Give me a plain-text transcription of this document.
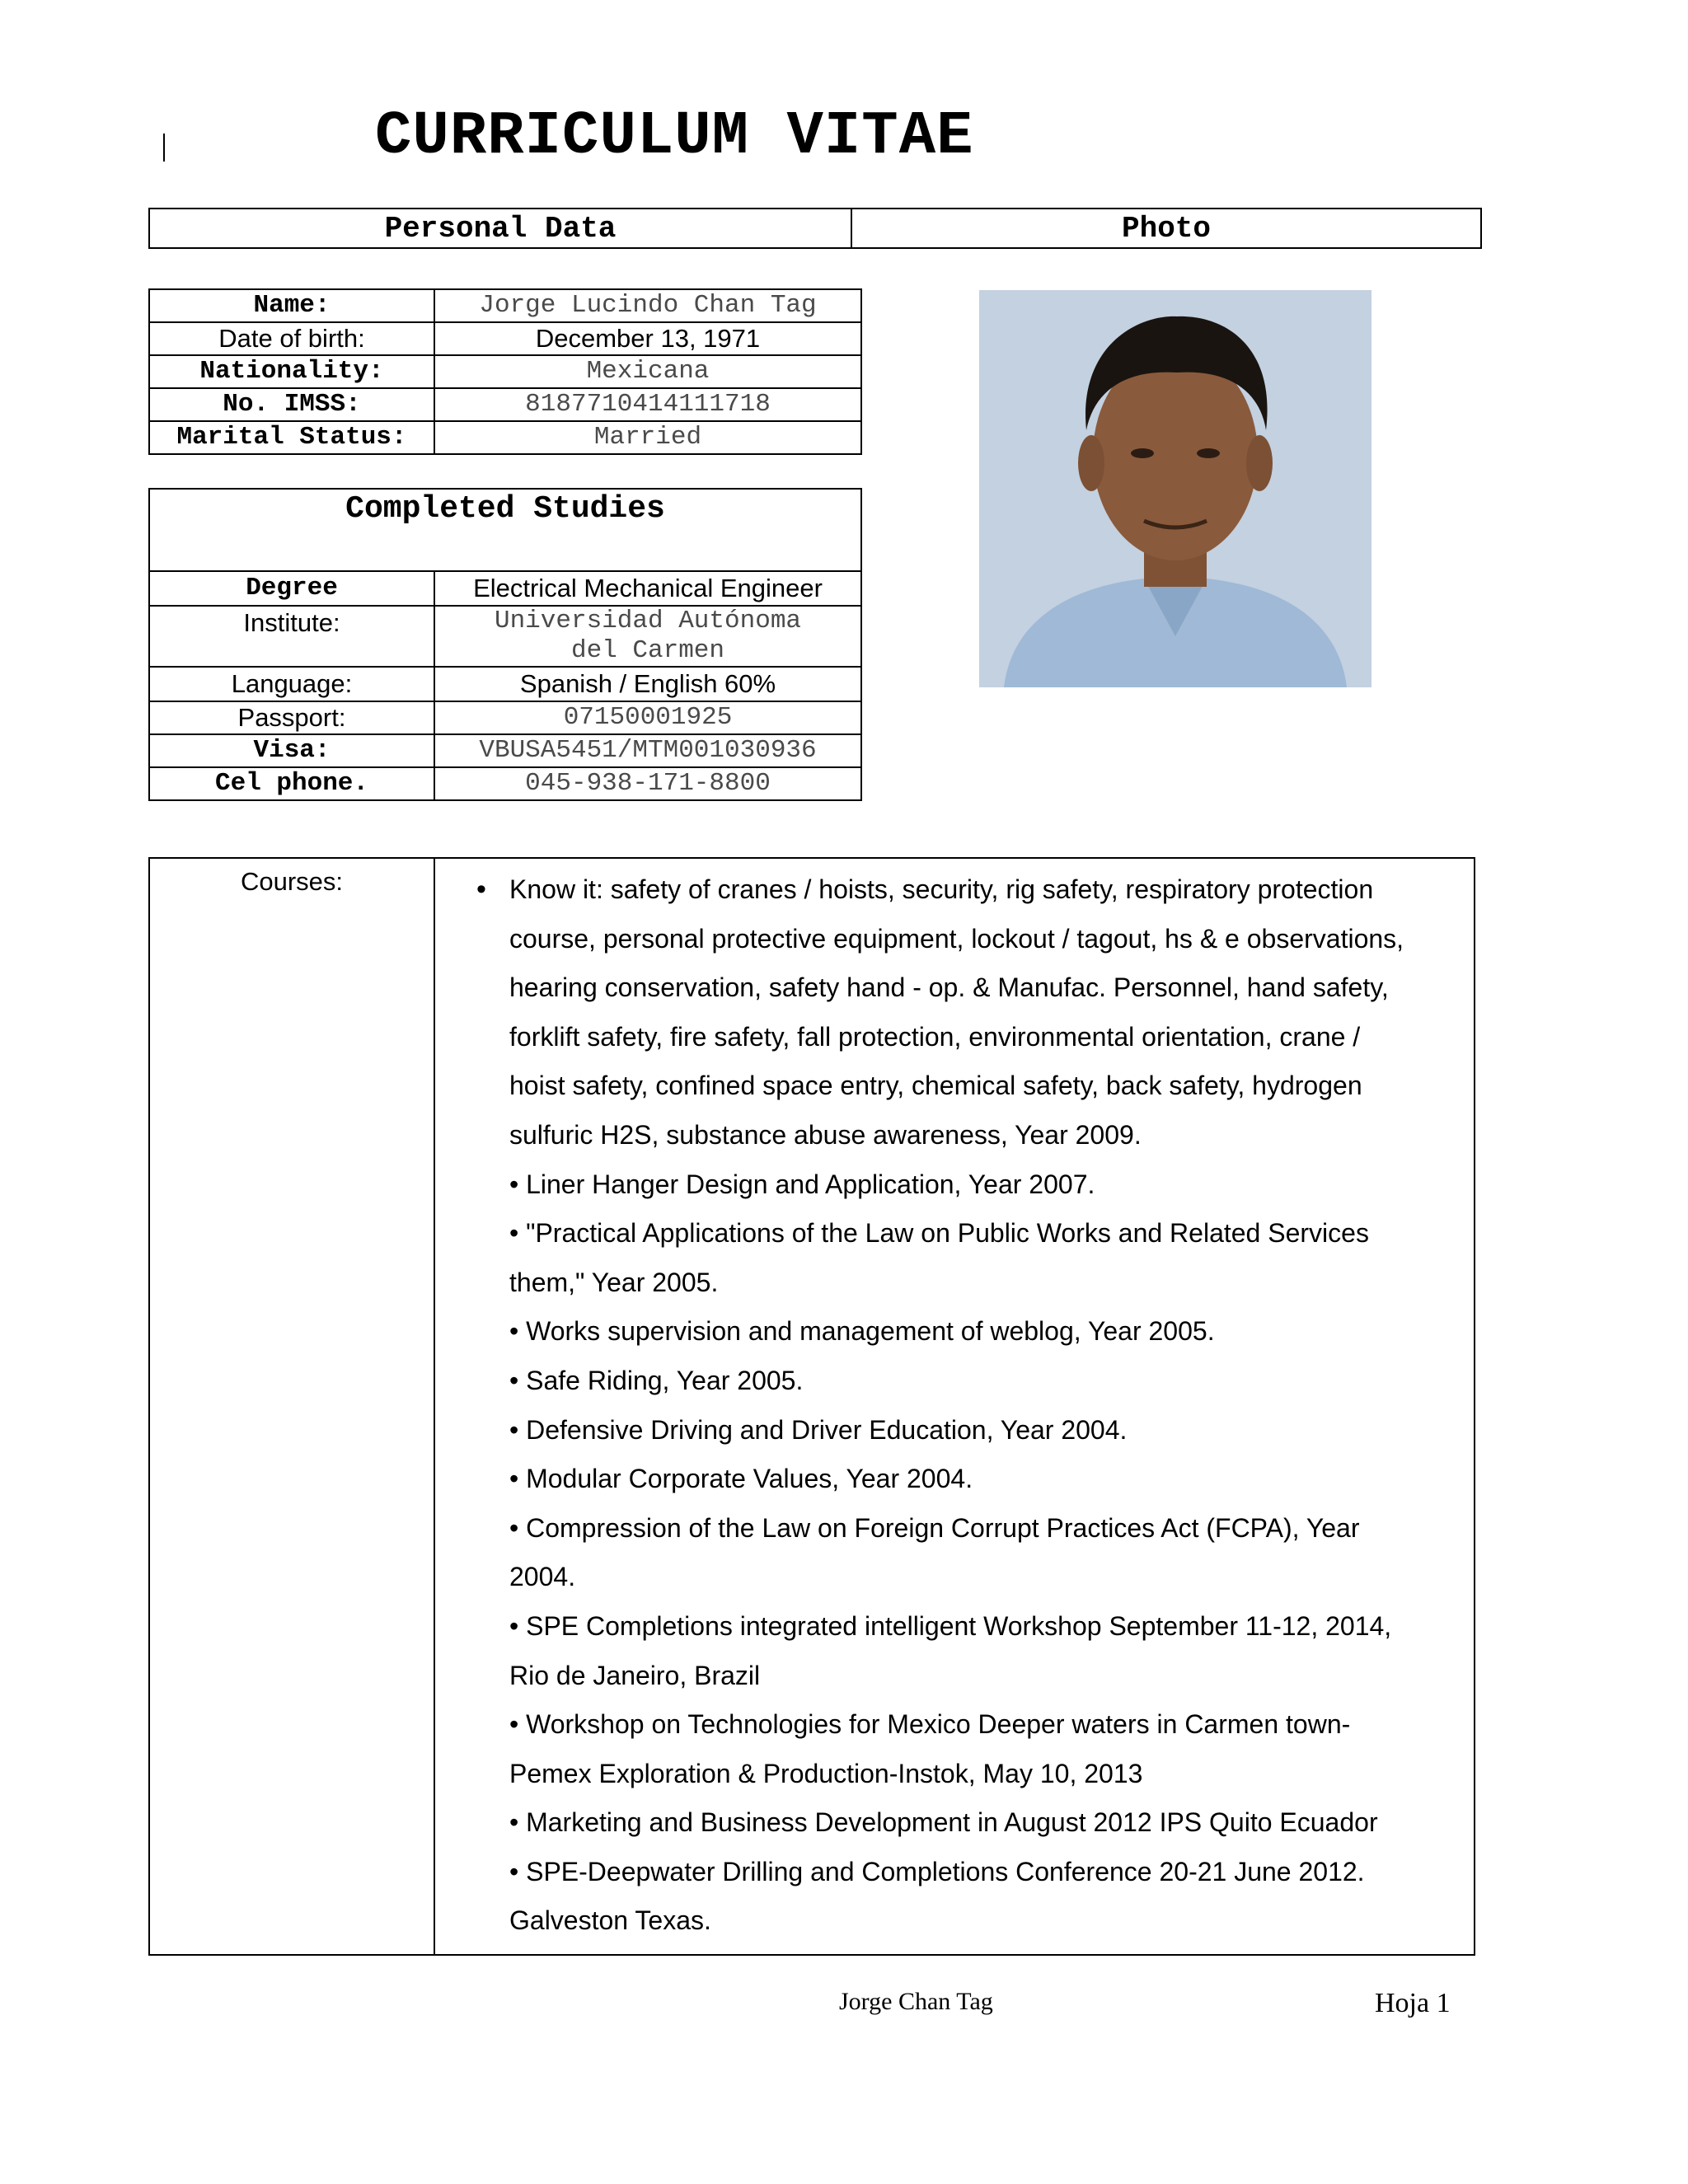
CURRICULUM VITAE
Personal Data	Photo
Name:	Jorge Lucindo Chan Tag
Date of birth:	December 13, 1971
Nationality:	Mexicana
No. IMSS:	8187710414111718
Marital Status:	Married
Completed Studies	
Degree	Electrical Mechanical Engineer
Institute:	Universidad Autónoma
del Carmen

Language:	Spanish / English 60%
Passport:	07150001925
Visa:	VBUSA5451/MTM001030936
Cel phone.	045-938-171-8800
Courses:	• Know it: safety of cranes / hoists, security, rig safety, respiratory protection
course, personal protective equipment, lockout / tagout, hs & e observations,
hearing conservation, safety hand - op. & Manufac. Personnel, hand safety,
forklift safety, fire safety, fall protection, environmental orientation, crane /
hoist safety, confined space entry, chemical safety, back safety, hydrogen
sulfuric H2S, substance abuse awareness, Year 2009.
• Liner Hanger Design and Application, Year 2007.
• "Practical Applications of the Law on Public Works and Related Services
them," Year 2005.
• Works supervision and management of weblog, Year 2005.
• Safe Riding, Year 2005.
• Defensive Driving and Driver Education, Year 2004.
• Modular Corporate Values, Year 2004.
• Compression of the Law on Foreign Corrupt Practices Act (FCPA), Year
2004.
• SPE Completions integrated intelligent Workshop September 11-12, 2014,
Rio de Janeiro, Brazil
• Workshop on Technologies for Mexico Deeper waters in Carmen town-
Pemex Exploration & Production-Instok, May 10, 2013
• Marketing and Business Development in August 2012 IPS Quito Ecuador
• SPE-Deepwater Drilling and Completions Conference 20-21 June 2012.
Galveston Texas.
Jorge Chan Tag	Hoja 1
